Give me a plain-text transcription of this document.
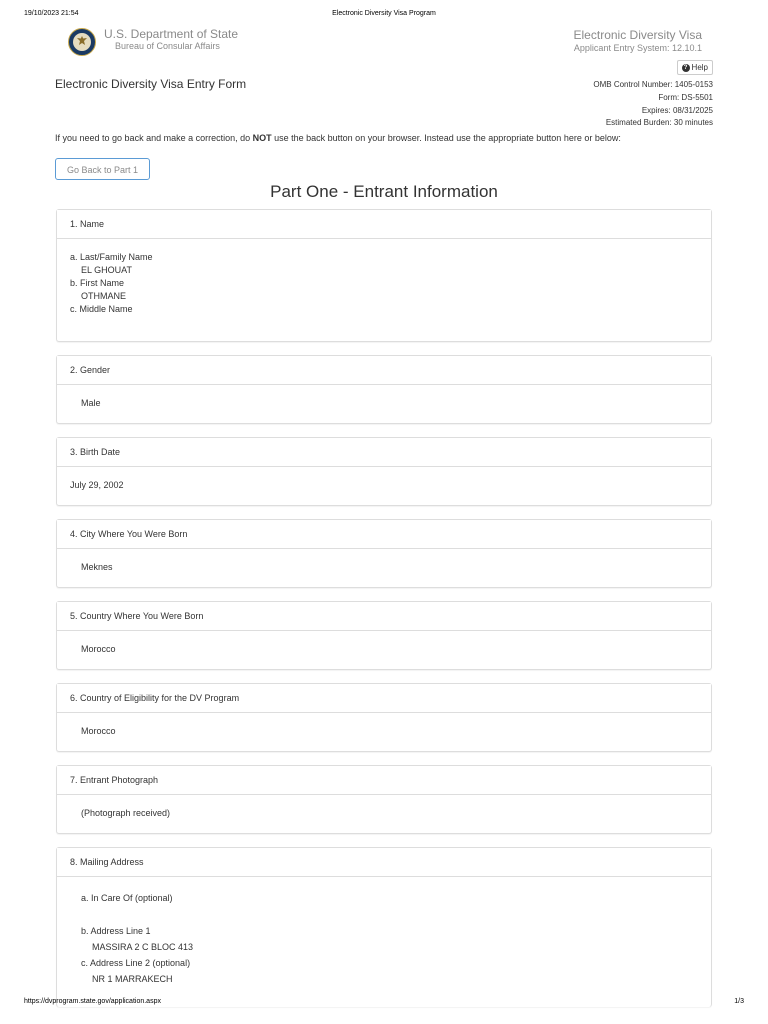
19/10/2023 21:54	Electronic Diversity Visa Program
U.S. Department of State
Bureau of Consular Affairs
Electronic Diversity Visa
Applicant Entry System: 12.10.1
? Help
Electronic Diversity Visa Entry Form	OMB Control Number: 1405-0153
Form: DS-5501
Expires: 08/31/2025
Estimated Burden: 30 minutes
If you need to go back and make a correction, do NOT use the back button on your browser. Instead use the appropriate button here or below:
Go Back to Part 1
Part One - Entrant Information
1. Name
a. Last/Family Name
EL GHOUAT
b. First Name
OTHMANE
c. Middle Name
2. Gender
Male
3. Birth Date
July 29, 2002
4. City Where You Were Born
Meknes
5. Country Where You Were Born
Morocco
6. Country of Eligibility for the DV Program
Morocco
7. Entrant Photograph
(Photograph received)
8. Mailing Address
a. In Care Of (optional)
b. Address Line 1
MASSIRA 2 C BLOC 413
c. Address Line 2 (optional)
NR 1 MARRAKECH
https://dvprogram.state.gov/application.aspx	1/3
